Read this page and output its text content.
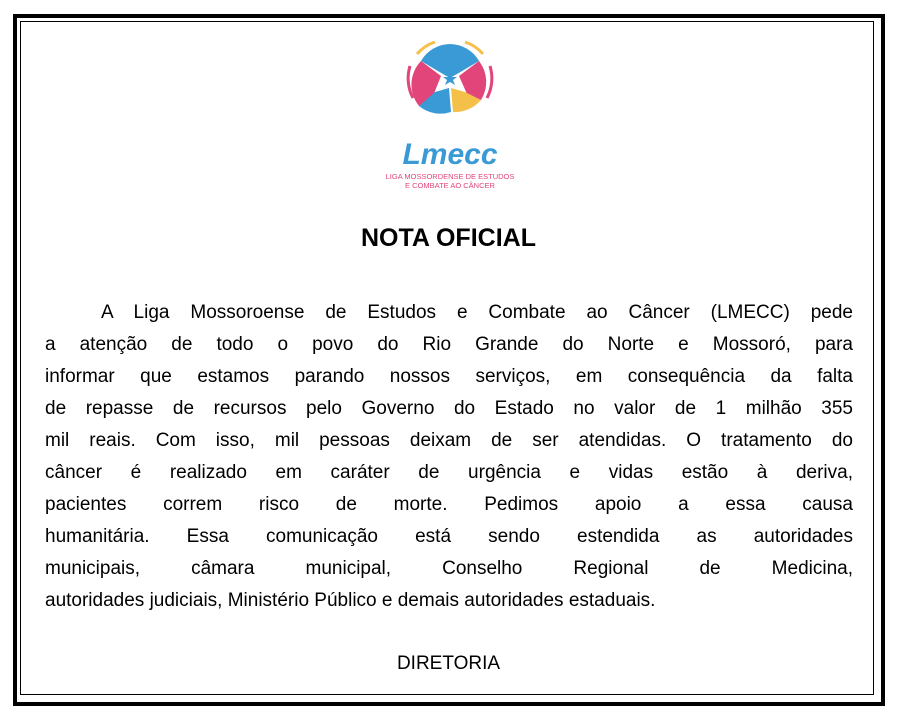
Lmecc
LIGA MOSSORDENSE DE ESTUDOS
E COMBATE AO CÂNCER
NOTA OFICIAL
A Liga Mossoroense de Estudos e Combate ao Câncer (LMECC) pede
a atenção de todo o povo do Rio Grande do Norte e Mossoró, para
informar que estamos parando nossos serviços, em consequência da falta
de repasse de recursos pelo Governo do Estado no valor de 1 milhão 355
mil reais. Com isso, mil pessoas deixam de ser atendidas. O tratamento do
câncer é realizado em caráter de urgência e vidas estão à deriva,
pacientes correm risco de morte. Pedimos apoio a essa causa
humanitária. Essa comunicação está sendo estendida as autoridades
municipais, câmara municipal, Conselho Regional de Medicina,
autoridades judiciais, Ministério Público e demais autoridades estaduais.
DIRETORIA
